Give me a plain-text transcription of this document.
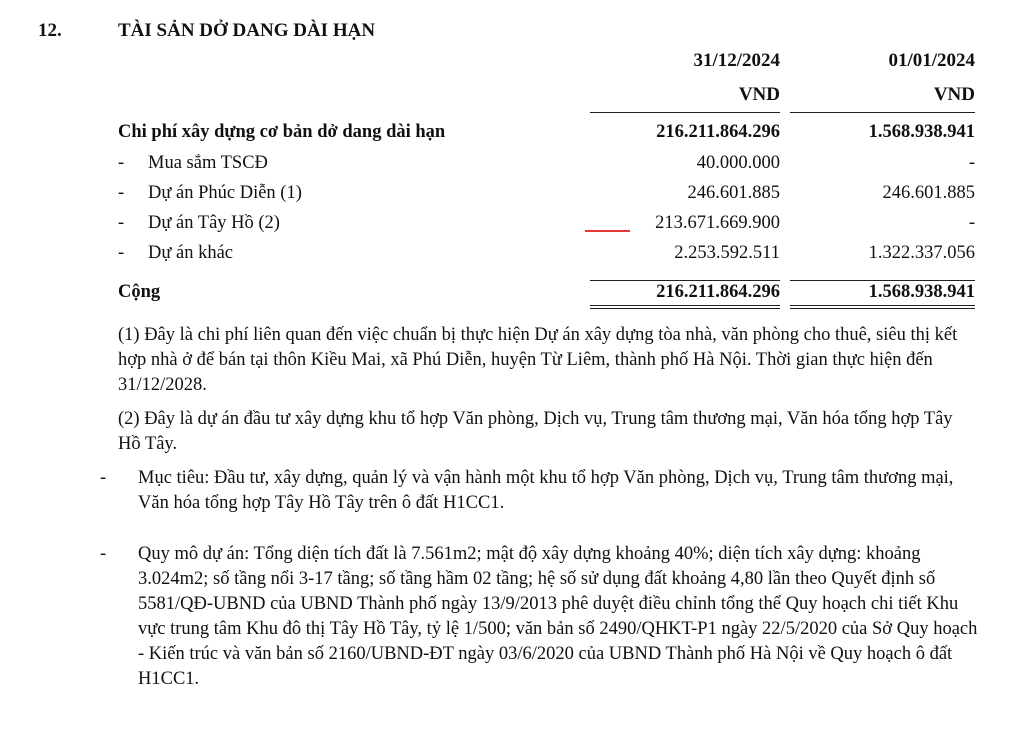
12.	TÀI SẢN DỞ DANG DÀI HẠN
31/12/2024	01/01/2024
VND	VND
Chi phí xây dựng cơ bản dở dang dài hạn	216.211.864.296	1.568.938.941
- Mua sắm TSCĐ	40.000.000	-
- Dự án Phúc Diễn (1)	246.601.885	246.601.885
- Dự án Tây Hồ (2)	213.671.669.900	-
- Dự án khác	2.253.592.511	1.322.337.056
Cộng	216.211.864.296	1.568.938.941
(1) Đây là chi phí liên quan đến việc chuẩn bị thực hiện Dự án xây dựng tòa nhà, văn phòng cho thuê, siêu thị kết hợp nhà ở để bán tại thôn Kiều Mai, xã Phú Diễn, huyện Từ Liêm, thành phố Hà Nội. Thời gian thực hiện đến 31/12/2028.
(2) Đây là dự án đầu tư xây dựng khu tổ hợp Văn phòng, Dịch vụ, Trung tâm thương mại, Văn hóa tổng hợp Tây Hồ Tây.
- Mục tiêu: Đầu tư, xây dựng, quản lý và vận hành một khu tổ hợp Văn phòng, Dịch vụ, Trung tâm thương mại, Văn hóa tổng hợp Tây Hồ Tây trên ô đất H1CC1.
- Quy mô dự án: Tổng diện tích đất là 7.561m2; mật độ xây dựng khoảng 40%; diện tích xây dựng: khoảng 3.024m2; số tầng nổi 3-17 tầng; số tầng hầm 02 tầng; hệ số sử dụng đất khoảng 4,80 lần theo Quyết định số 5581/QĐ-UBND của UBND Thành phố ngày 13/9/2013 phê duyệt điều chỉnh tổng thể Quy hoạch chi tiết Khu vực trung tâm Khu đô thị Tây Hồ Tây, tỷ lệ 1/500; văn bản số 2490/QHKT-P1 ngày 22/5/2020 của Sở Quy hoạch - Kiến trúc và văn bản số 2160/UBND-ĐT ngày 03/6/2020 của UBND Thành phố Hà Nội về Quy hoạch ô đất H1CC1.
